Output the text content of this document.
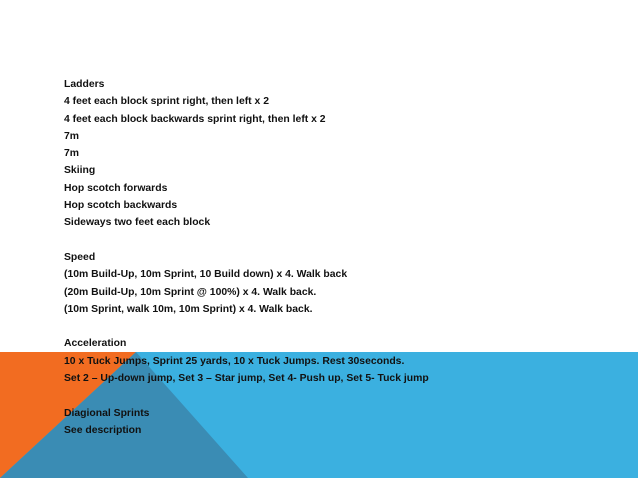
Ladders
4 feet each block sprint right, then left x 2
4 feet each block backwards sprint right, then left x 2
7m
7m
Skiing
Hop scotch forwards
Hop scotch backwards
Sideways two feet each block
Speed
(10m Build-Up, 10m Sprint, 10 Build down) x 4. Walk back
(20m Build-Up, 10m Sprint @ 100%) x 4. Walk back.
(10m Sprint, walk 10m, 10m Sprint) x 4. Walk back.
Acceleration
10 x Tuck Jumps, Sprint 25 yards, 10 x Tuck Jumps. Rest 30seconds.
Set 2 – Up-down jump, Set 3 – Star jump, Set 4- Push up, Set 5- Tuck jump
Diagional Sprints
See description
